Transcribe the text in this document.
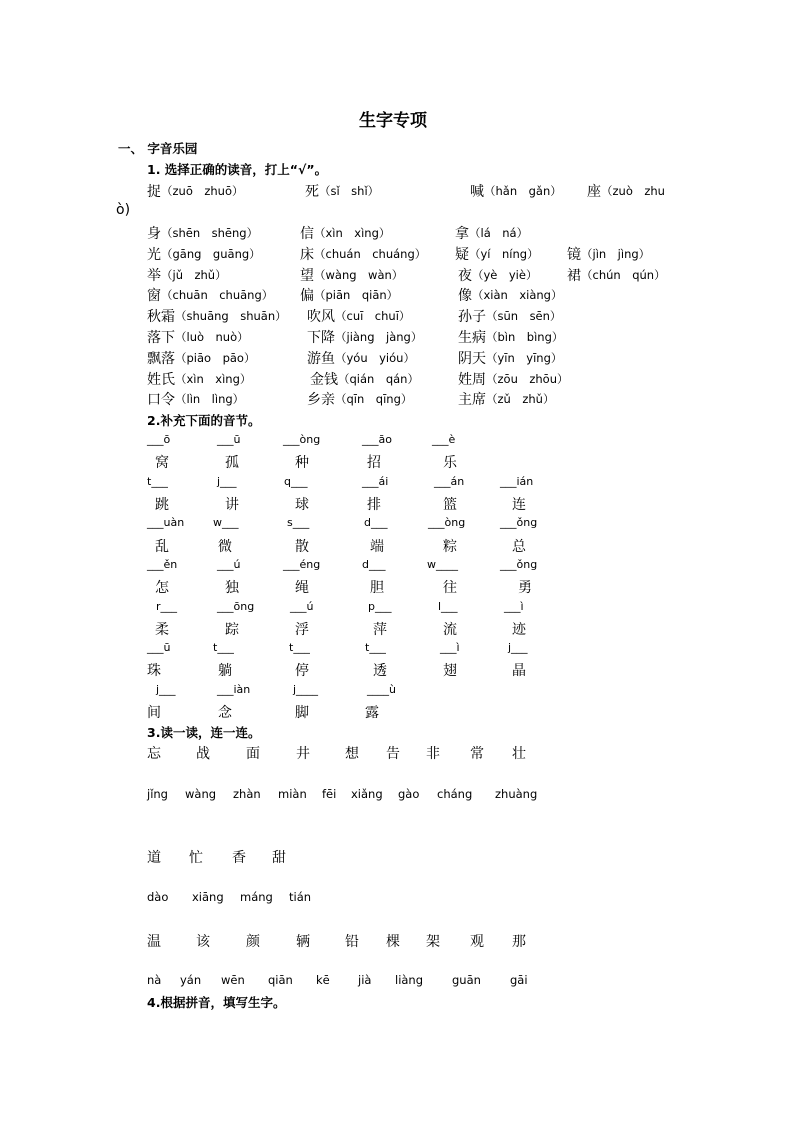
生字专项
一、 字音乐园
1. 选择正确的读音，打上“√”。
捉 （zuō　zhuō）	死 （sǐ　shǐ）	喊 （hǎn　gǎn） 座 （zuò　zhu
身 （shēn　shēng）	信 （xìn　xìng）	拿 （lá　ná）
光 （gāng　guāng）	床 （chuán　chuáng） 疑 （yí　níng） 镜 （jìn　jìng）
举 （jǔ　zhǔ）	望 （wàng　wàn）	夜 （yè　yiè） 裙 （chún　qún）
窗 （chuān　chuāng） 偏 （piān　qiān）	像 （xiàn　xiàng）
秋霜 （shuāng　shuān） 吹风 （cuī　chuī）	孙子 （sūn　sēn）
落下 （luò　nuò）	下降 （jiàng　jàng）	生病 （bìn　bìng）
飘落 （piāo　pāo）	游鱼 （yóu　yióu）	阴天 （yīn　yīng）
姓氏 （xìn　xìng）	金钱 （qián　qán）	姓周 （zōu　zhōu）
口令 （lìn　lìng）	乡亲 （qīn　qīng）	主席 （zǔ　zhǔ）
ò)
2.补充下面的音节。
___ō	___ū	___òng	___āo	___è
窝	孤	种	招	乐
t___	j___	q___	___ái	___án	___ián
跳	讲	球	排	篮	连
___uàn	w___	s___	d___	___òng	___ǒng
乱	微	散	端	粽	总
___ěn	___ú	___éng	d___	w____	___ǒng
怎	独	绳	胆	往	勇
r___	___ōng	___ú	p___	l___	___ì
柔	踪	浮	萍	流	迹
___ū	t___	t___	t___	___ì	j___
珠	躺	停	透	翅	晶
j___	___iàn	j____	____ù
间	念	脚	露
3.读一读，连一连。
忘	战	面	井	想 告 非 常 壮
jǐng wàng zhàn miàn fēi xiǎng gào cháng zhuàng
道 忙 香 甜
dào xiāng máng tián
温	该	颜	辆	铅 棵 架 观 那
nà yán wēn qiān kē jià liàng	guān	gāi
4.根据拼音，填写生字。
